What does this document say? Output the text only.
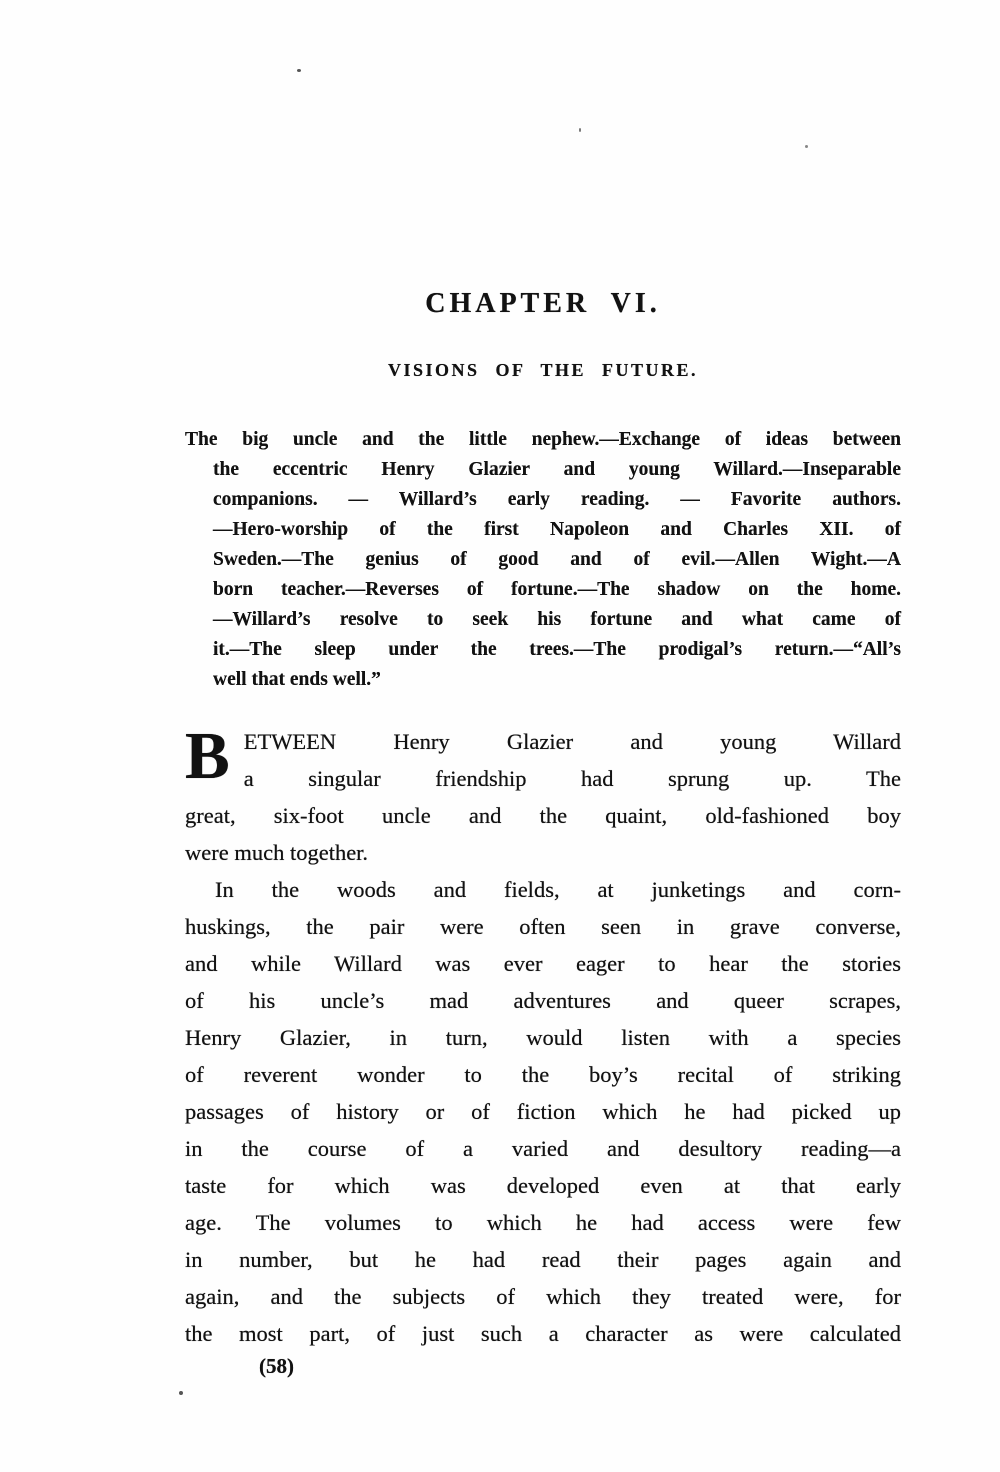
CHAPTER VI.
VISIONS OF THE FUTURE.
The big uncle and the little nephew.—Exchange of ideas between
the eccentric Henry Glazier and young Willard.—Inseparable
companions. — Willard’s early reading. — Favorite authors.
—Hero-worship of the first Napoleon and Charles XII. of
Sweden.—The genius of good and of evil.—Allen Wight.—A
born teacher.—Reverses of fortune.—The shadow on the home.
—Willard’s resolve to seek his fortune and what came of
it.—The sleep under the trees.—The prodigal’s return.—“All’s
well that ends well.”
B ETWEEN Henry Glazier and young Willard
a singular friendship had sprung up. The
great, six-foot uncle and the quaint, old-fashioned boy
were much together.
In the woods and fields, at junketings and corn-
huskings, the pair were often seen in grave converse,
and while Willard was ever eager to hear the stories
of his uncle’s mad adventures and queer scrapes,
Henry Glazier, in turn, would listen with a species
of reverent wonder to the boy’s recital of striking
passages of history or of fiction which he had picked up
in the course of a varied and desultory reading—a
taste for which was developed even at that early
age. The volumes to which he had access were few
in number, but he had read their pages again and
again, and the subjects of which they treated were, for
the most part, of just such a character as were calculated
(58)
